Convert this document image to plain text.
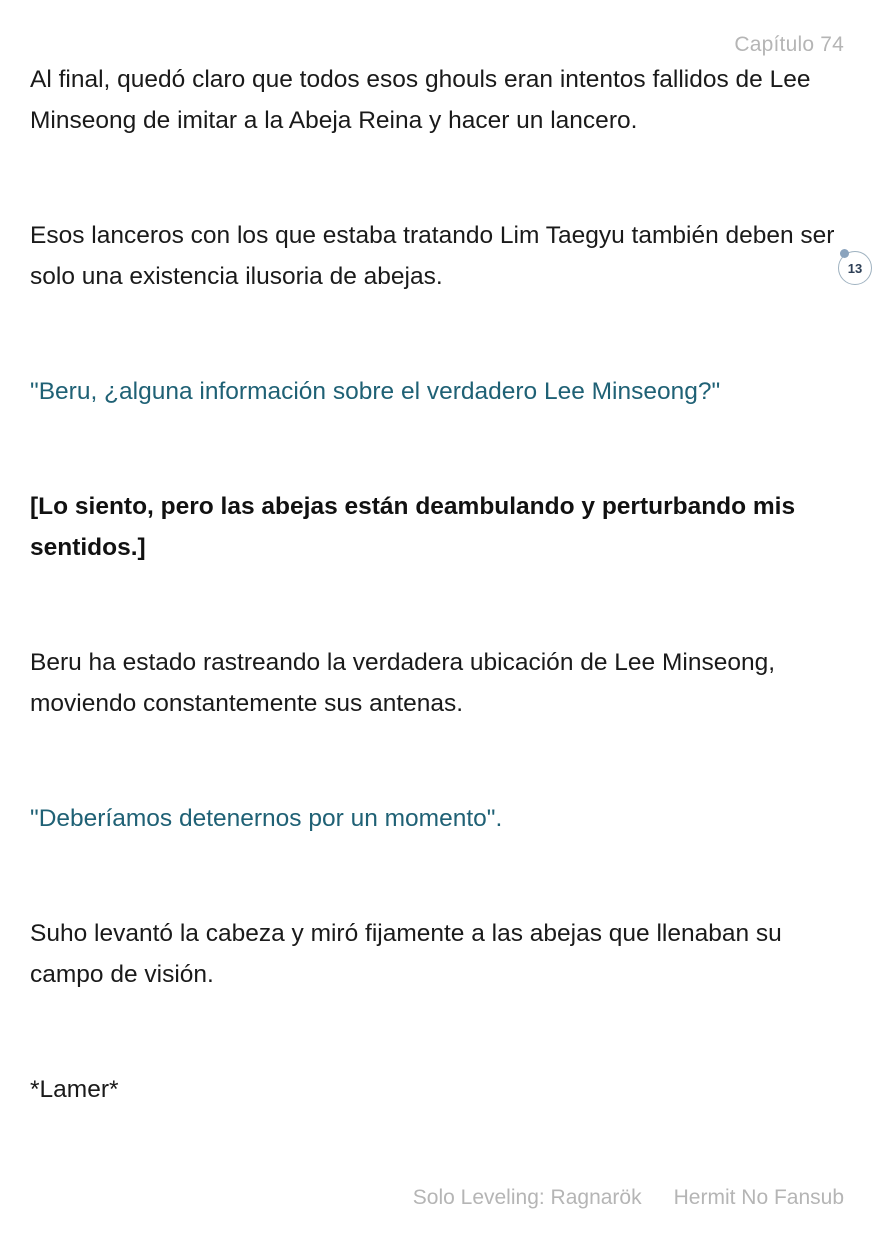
Capítulo 74

Al final, quedó claro que todos esos ghouls eran intentos fallidos de Lee Minseong de imitar a la Abeja Reina y hacer un lancero.

Esos lanceros con los que estaba tratando Lim Taegyu también deben ser solo una existencia ilusoria de abejas.

"Beru, ¿alguna información sobre el verdadero Lee Minseong?"

[Lo siento, pero las abejas están deambulando y perturbando mis sentidos.]

Beru ha estado rastreando la verdadera ubicación de Lee Minseong, moviendo constantemente sus antenas.

"Deberíamos detenernos por un momento".

Suho levantó la cabeza y miró fijamente a las abejas que llenaban su campo de visión.

*Lamer*

13
Solo Leveling: Ragnarök Hermit No Fansub
